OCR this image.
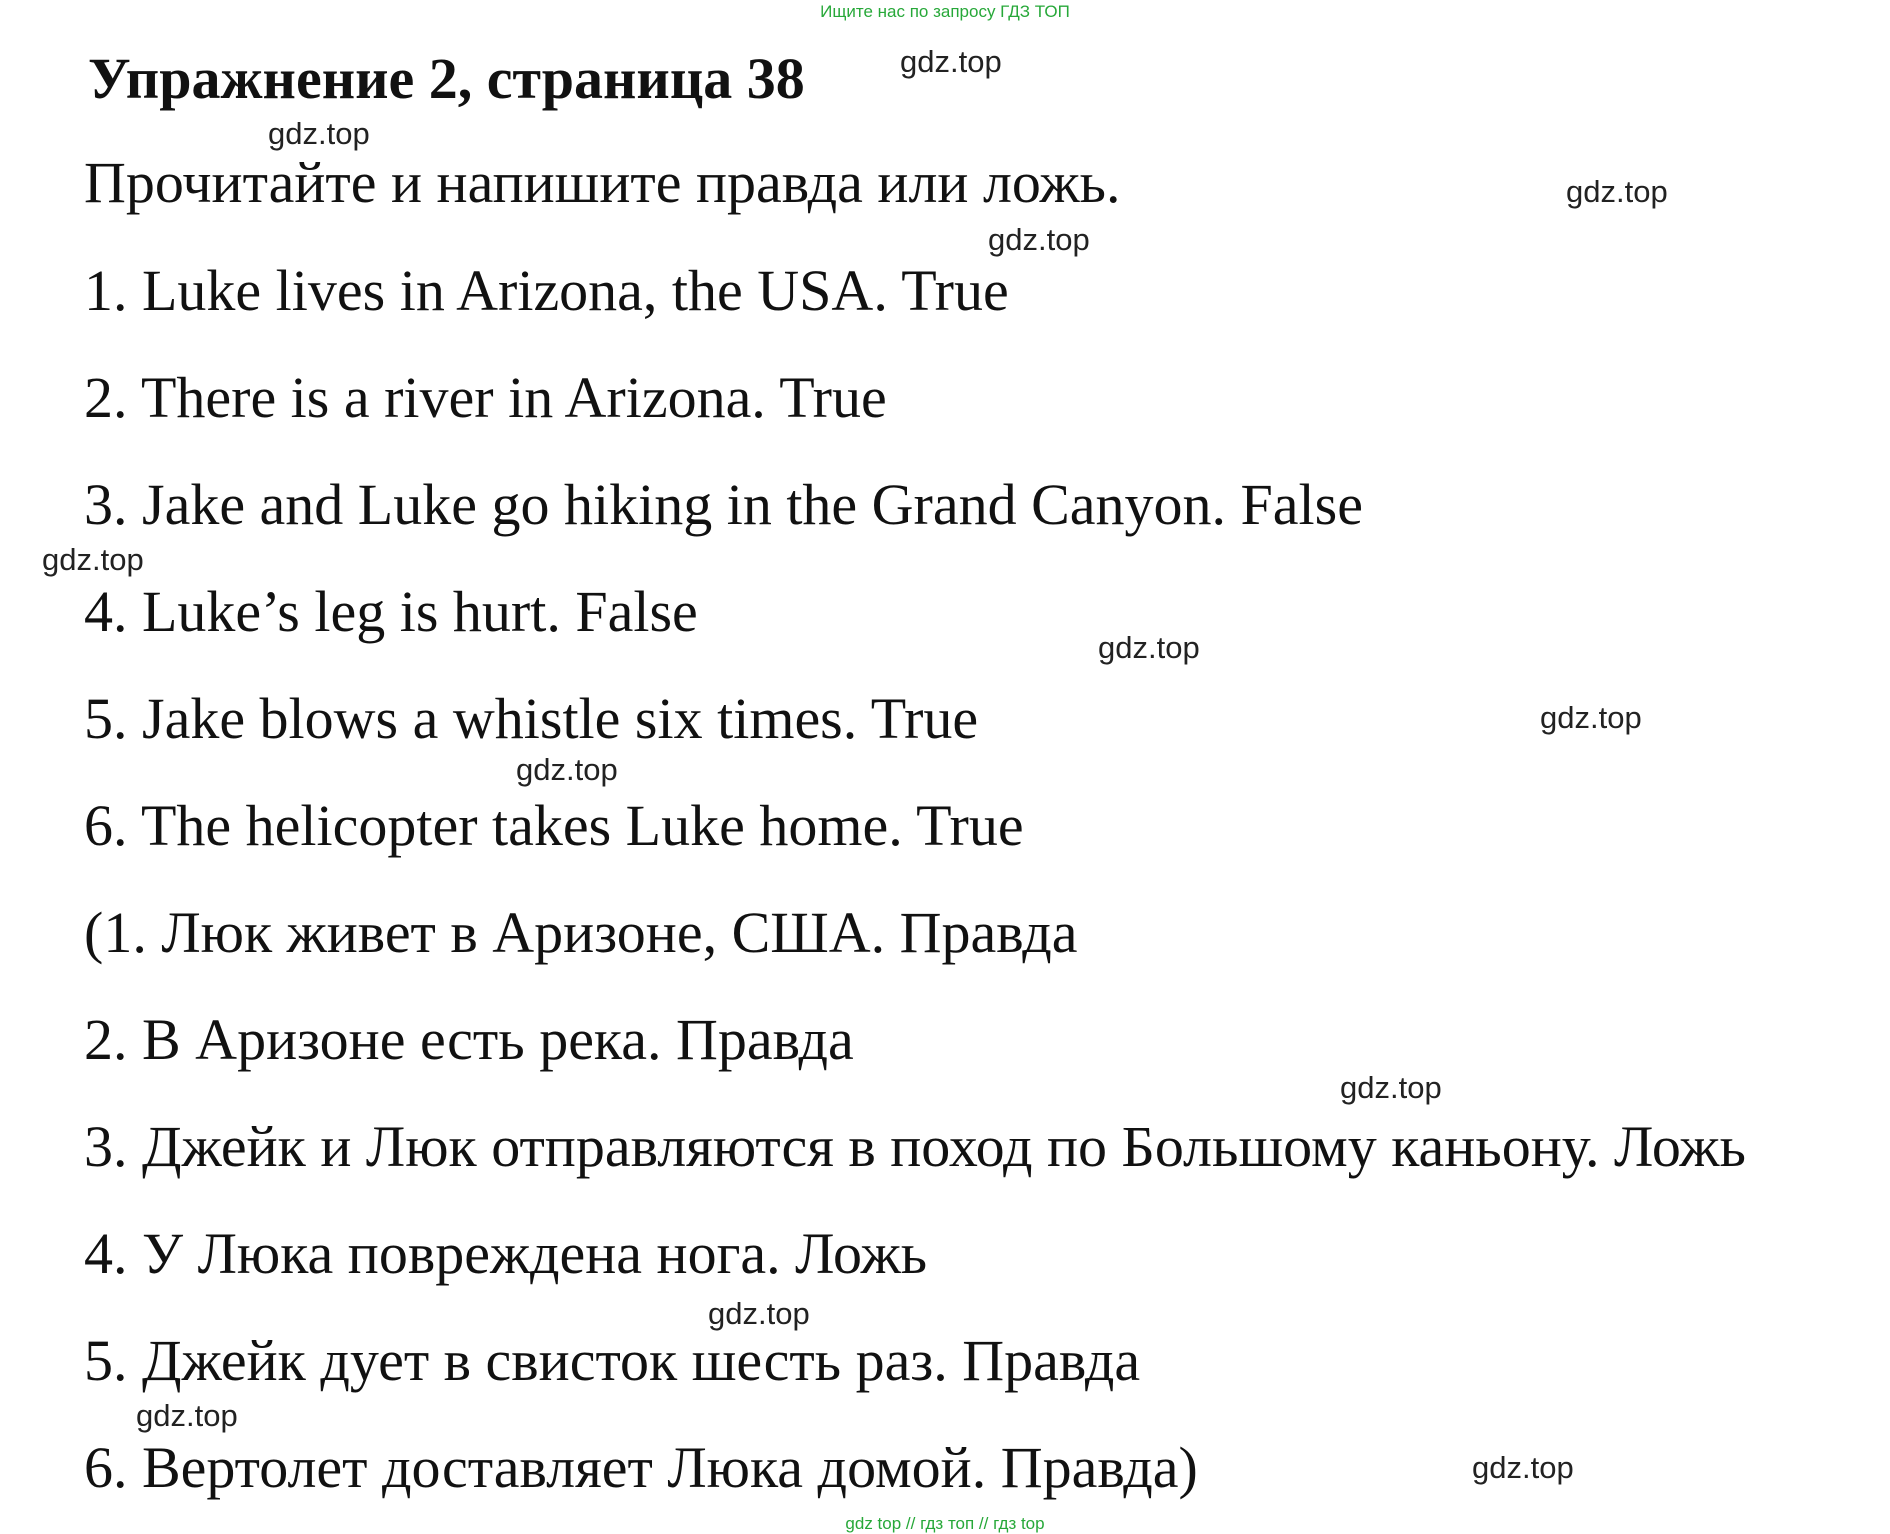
Ищите нас по запросу ГДЗ ТОП
Упражнение 2, страница 38
Прочитайте и напишите правда или ложь.
1. Luke lives in Arizona, the USA. True
2. There is a river in Arizona. True
3. Jake and Luke go hiking in the Grand Canyon. False
4. Luke’s leg is hurt. False
5. Jake blows a whistle six times. True
6. The helicopter takes Luke home. True
(1. Люк живет в Аризоне, США. Правда
2. В Аризоне есть река. Правда
3. Джейк и Люк отправляются в поход по Большому каньону. Ложь
4. У Люка повреждена нога. Ложь
5. Джейк дует в свисток шесть раз. Правда
6. Вертолет доставляет Люка домой. Правда)
gdz.top
gdz.top
gdz.top
gdz.top
gdz.top
gdz.top
gdz.top
gdz.top
gdz.top
gdz.top
gdz.top
gdz.top
gdz top // гдз топ // гдз top
